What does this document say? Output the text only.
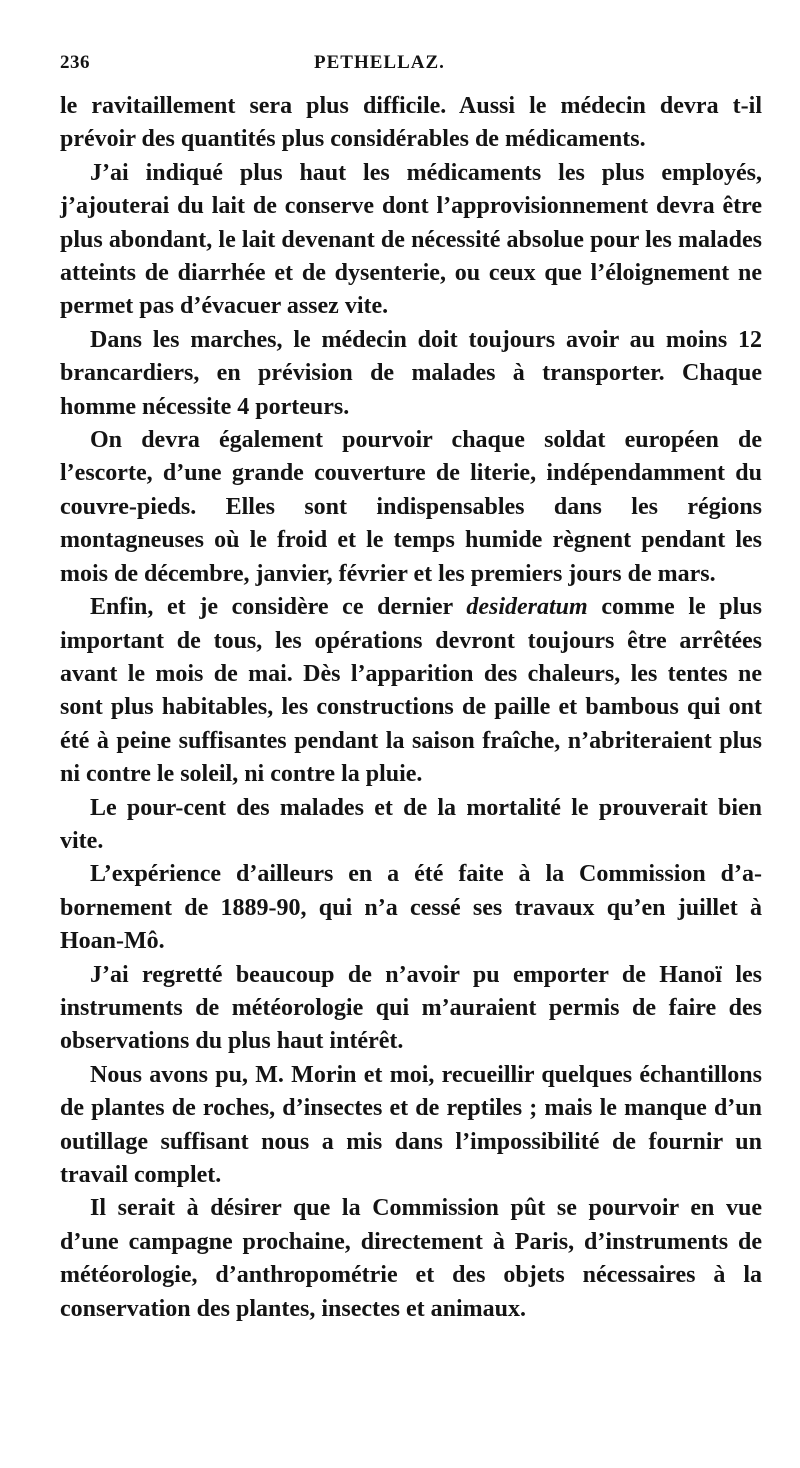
236	PETHELLAZ.

le ravitaillement sera plus difficile. Aussi le médecin devra t-il prévoir des quantités plus considérables de médicaments.

J’ai indiqué plus haut les médicaments les plus employés, j’ajouterai du lait de conserve dont l’approvisionnement devra être plus abondant, le lait devenant de nécessité absolue pour les malades atteints de diarrhée et de dysenterie, ou ceux que l’éloignement ne permet pas d’évacuer assez vite.

Dans les marches, le médecin doit toujours avoir au moins 12 brancardiers, en prévision de malades à transporter. Chaque homme nécessite 4 porteurs.

On devra également pourvoir chaque soldat européen de l’escorte, d’une grande couverture de literie, indépendamment du couvre-pieds. Elles sont indispensables dans les régions montagneuses où le froid et le temps humide règnent pendant les mois de décembre, janvier, février et les premiers jours de mars.

Enfin, et je considère ce dernier desideratum comme le plus important de tous, les opérations devront toujours être arrêtées avant le mois de mai. Dès l’apparition des chaleurs, les tentes ne sont plus habitables, les constructions de paille et bambous qui ont été à peine suffisantes pendant la saison fraîche, n’abriteraient plus ni contre le soleil, ni contre la pluie.

Le pour-cent des malades et de la mortalité le prouverait bien vite.

L’expérience d’ailleurs en a été faite à la Commission d’abornement de 1889-90, qui n’a cessé ses travaux qu’en juillet à Hoan-Mô.

J’ai regretté beaucoup de n’avoir pu emporter de Hanoï les instruments de météorologie qui m’auraient permis de faire des observations du plus haut intérêt.

Nous avons pu, M. Morin et moi, recueillir quelques échantillons de plantes de roches, d’insectes et de reptiles ; mais le manque d’un outillage suffisant nous a mis dans l’impossibilité de fournir un travail complet.

Il serait à désirer que la Commission pût se pourvoir en vue d’une campagne prochaine, directement à Paris, d’instruments de météorologie, d’anthropométrie et des objets nécessaires à la conservation des plantes, insectes et animaux.
